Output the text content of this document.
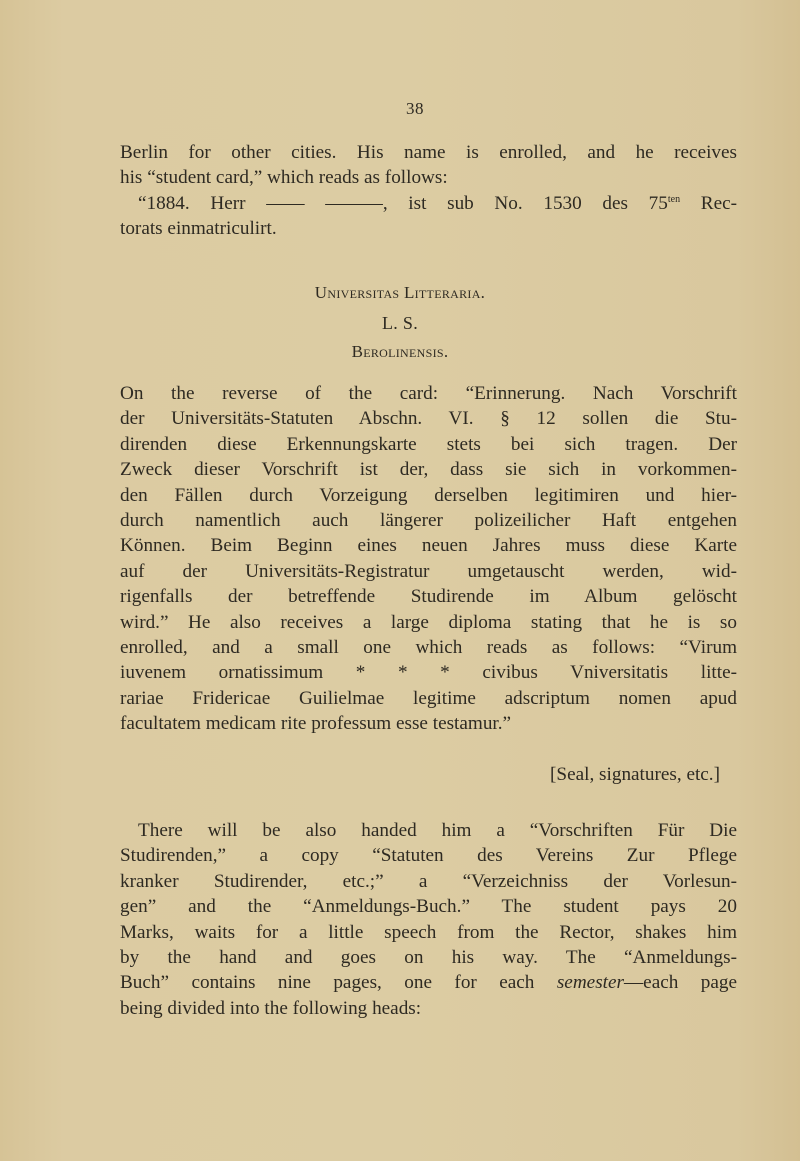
38
Berlin for other cities. His name is enrolled, and he receives
his “student card,” which reads as follows:
“1884. Herr —— ———, ist sub No. 1530 des $75^{ten}$ Rec-
torats einmatriculirt.
Universitas Litteraria.
L. S.
Berolinensis.
On the reverse of the card: “Erinnerung. Nach Vorschrift
der Universitäts-Statuten Abschn. VI. § 12 sollen die Stu-
direnden diese Erkennungskarte stets bei sich tragen. Der
Zweck dieser Vorschrift ist der, dass sie sich in vorkommen-
den Fällen durch Vorzeigung derselben legitimiren und hier-
durch namentlich auch längerer polizeilicher Haft entgehen
Können. Beim Beginn eines neuen Jahres muss diese Karte
auf der Universitäts-Registratur umgetauscht werden, wid-
rigenfalls der betreffende Studirende im Album gelöscht
wird.” He also receives a large diploma stating that he is so
enrolled, and a small one which reads as follows: “Virum
iuvenem ornatissimum * * * civibus Vniversitatis litte-
rariae Fridericae Guilielmae legitime adscriptum nomen apud
facultatem medicam rite professum esse testamur.”
[Seal, signatures, etc.]
There will be also handed him a “Vorschriften Für Die
Studirenden,” a copy “Statuten des Vereins Zur Pflege
kranker Studirender, etc.;” a “Verzeichniss der Vorlesun-
gen” and the “Anmeldungs-Buch.” The student pays 20
Marks, waits for a little speech from the Rector, shakes him
by the hand and goes on his way. The “Anmeldungs-
Buch” contains nine pages, one for each semester—each page
being divided into the following heads:
